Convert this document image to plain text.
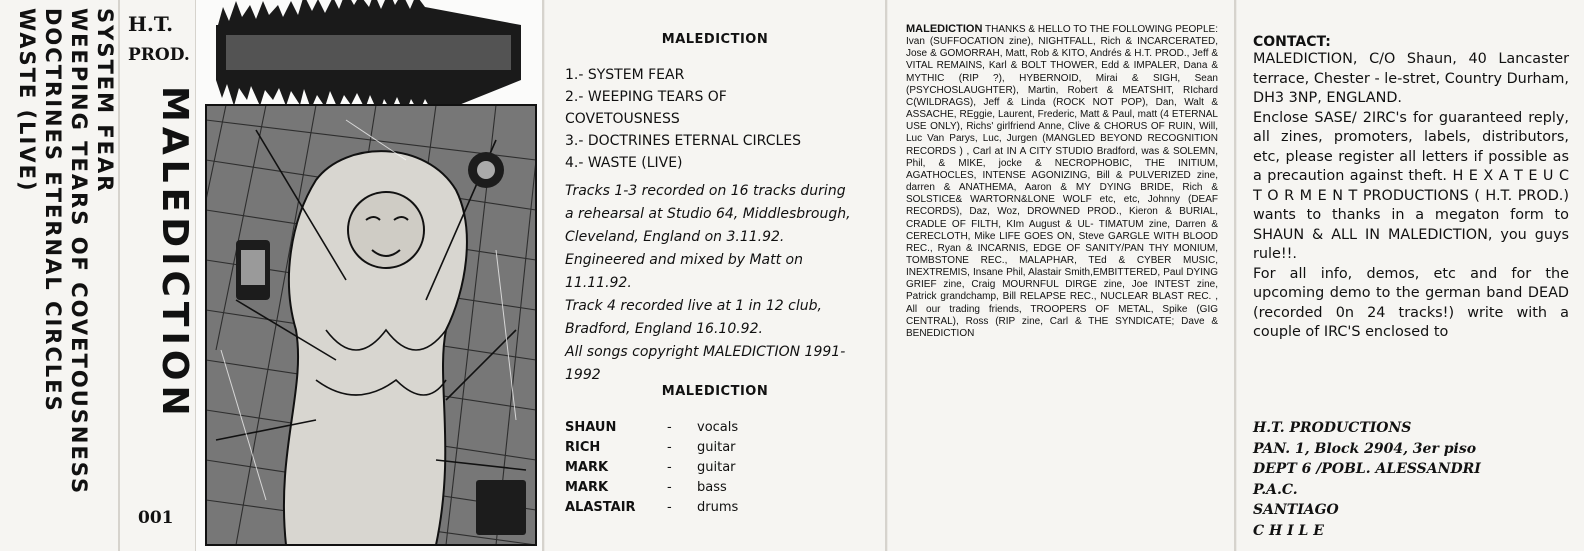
SYSTEM FEAR
WEEPING TEARS OF COVETOUSNESS
DOCTRINES ETERNAL CIRCLES
WASTE (LIVE)	H.T.
PROD.
001
MALEDICTION
MALEDICTION
1.- SYSTEM FEAR
2.- WEEPING TEARS OF
COVETOUSNESS
3.- DOCTRINES ETERNAL CIRCLES
4.- WASTE (LIVE)
Tracks 1-3 recorded on 16 tracks during
a rehearsal at Studio 64, Middlesbrough,
Cleveland, England on 3.11.92.
Engineered and mixed by Matt on
11.11.92.
Track 4 recorded live at 1 in 12 club,
Bradford, England 16.10.92.
All songs copyright MALEDICTION 1991-
1992
MALEDICTION
SHAUN	-	vocals
RICH	-	guitar
MARK	-	guitar
MARK	-	bass
ALASTAIR	-	drums
MALEDICTION THANKS & HELLO TO THE FOLLOWING PEOPLE: Ivan (SUFFOCATION zine), NIGHTFALL, Rich & INCARCERATED, Jose & GOMORRAH, Matt, Rob & KITO, Andrés & H.T. PROD., Jeff & VITAL REMAINS, Karl & BOLT THOWER, Edd & IMPALER, Dana & MYTHIC (RIP ?), HYBERNOID, Mirai & SIGH, Sean (PSYCHOSLAUGHTER), Martin, Robert & MEATSHIT, RIchard C(WILDRAGS), Jeff & Linda (ROCK NOT POP), Dan, Walt & ASSACHE, REggie, Laurent, Frederic, Matt & Paul, matt (4 ETERNAL USE ONLY), Richs' girlfriend Anne, Clive & CHORUS OF RUIN, Will, Luc Van Parys, Luc, Jurgen (MANGLED BEYOND RECOGNITION RECORDS ) , Carl at IN A CITY STUDIO Bradford, was & SOLEMN, Phil, & MIKE, jocke & NECROPHOBIC, THE INITIUM, AGATHOCLES, INTENSE AGONIZING, Bill & PULVERIZED zine, darren & ANATHEMA, Aaron & MY DYING BRIDE, Rich & SOLSTICE& WARTORN&LONE WOLF etc, etc, Johnny (DEAF RECORDS), Daz, Woz, DROWNED PROD., Kieron & BURIAL, CRADLE OF FILTH, KIm August & UL- TIMATUM zine, Darren & CERECLOTH, Mike LIFE GOES ON, Steve GARGLE WITH BLOOD REC., Ryan & INCARNIS, EDGE OF SANITY/PAN THY MONIUM, TOMBSTONE REC., MALAPHAR, TEd & CYBER MUSIC, INEXTREMIS, Insane Phil, Alastair Smith,EMBITTERED, Paul DYING GRIEF zine, Craig MOURNFUL DIRGE zine, Joe INTEST zine, Patrick grandchamp, Bill RELAPSE REC., NUCLEAR BLAST REC. , All our trading friends, TROOPERS OF METAL, Spike (GIG CENTRAL), Ross (RIP zine, Carl & THE SYNDICATE; Dave & BENEDICTION
CONTACT:

MALEDICTION, C/O Shaun, 40 Lancaster terrace, Chester - le-stret, Country Durham, DH3 3NP, ENGLAND.

Enclose SASE/ 2IRC's for guaranteed reply, all zines, promoters, labels, distributors, etc, please register all letters if possible as a precaution against theft. H E X A T E U C T O R M E N T PRODUCTIONS ( H.T. PROD.) wants to thanks in a megaton form to SHAUN & ALL IN MALEDICTION, you guys rule!!.

For all info, demos, etc and for the upcoming demo to the german band DEAD (recorded 0n 24 tracks!) write with a couple of IRC'S enclosed to

H.T. PRODUCTIONS
PAN. 1, Block 2904, 3er piso
DEPT 6 /POBL. ALESSANDRI
P.A.C.
SANTIAGO
C H I L E
